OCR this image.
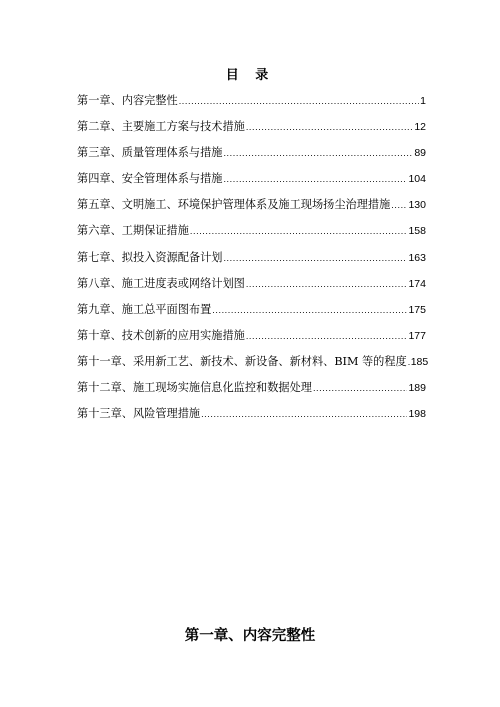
目 录
第一章、内容完整性 .....	1
第二章、主要施工方案与技术措施 .....	12
第三章、质量管理体系与措施 .....	89
第四章、安全管理体系与措施 .....	104
第五章、文明施工、环境保护管理体系及施工现场扬尘治理措施 ..... 130
第六章、工期保证措施 .....	158
第七章、拟投入资源配备计划 .....	163
第八章、施工进度表或网络计划图 .....	174
第九章、施工总平面图布置 .....	175
第十章、技术创新的应用实施措施 .....	177
第十一章、采用新工艺、新技术、新设备、新材料、BIM 等的程度 ..... 185
第十二章、施工现场实施信息化监控和数据处理 .....	189
第十三章、风险管理措施 .....	198
第一章、内容完整性
